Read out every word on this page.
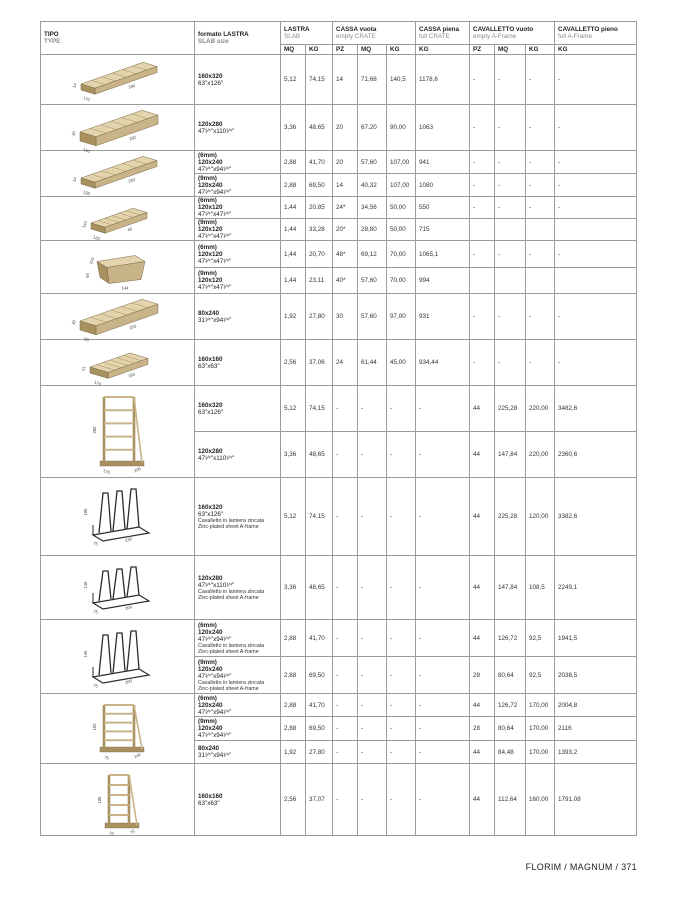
TIPO
TYPE	formato LASTRA
SLAB size	LASTRA
SLAB		CASSA vuota
empty CRATE			CASSA piena
full CRATE	CAVALLETTO vuoto
empty A-Frame			CAVALLETTO pieno
full A-Frame
		MQ	KG	PZ	MQ	KG	KG	PZ	MQ	KG	KG

14
170
340	160x320
63"x126"	5,12	74,15	14	71,68	140,5	1178,6	-	-	-	-

30
140
292	120x280
47¹⁄⁴"x110¹⁄⁴"	3,36	48,65	20	67,20	90,00	1063	-	-	-	-

14
126
253	(6mm)
120x240
47¹⁄⁴"x94¹⁄⁴"	2,88	41,70	20	57,60	107,00	941	-	-	-	-
	(9mm)
120x240
47¹⁄⁴"x94¹⁄⁴"	2,88	69,50	14	40,32	107,00	1080	-	-	-	-

144
120
40	(6mm)
120x120
47¹⁄⁴"x47¹⁄⁴"	1,44	20,85	24*	34,56	50,00	550	-	-	-	-
	(9mm)
120x120
47¹⁄⁴"x47¹⁄⁴"	1,44	33,28	20*	28,80	50,00	715				

123
65
144	(6mm)
120x120
47¹⁄⁴"x47¹⁄⁴"	1,44	20,70	48*	69,12	70,00	1065,1	-	-	-	-
	(9mm)
120x120
47¹⁄⁴"x47¹⁄⁴"	1,44	23,11	40*	57,60	70,00	994				

30
90
253	80x240
31¹⁄⁴"x94¹⁄⁴"	1,92	27,80	30	57,60	97,00	931	-	-	-	-

41
174
183	160x160
63"x63"	2,56	37,06	24	61,44	45,00	934,44	-	-	-	-

280
175 200	160x320
63"x126"	5,12	74,15	-	-	-	-	44	225,28	220,00	3482,6
	120x280
47¹⁄⁴"x110¹⁄⁴"	3,36	48,65	-	-	-	-	44	147,84	220,00	2360,6

185
75
230	160x320
63"x126"
Cavalletto in lamiera zincata
Zinc-plated sheet A-frame	5,12	74,15	-	-	-	-	44	225,28	120,00	3382,6

146
75
200	120x280
47¹⁄⁴"x110¹⁄⁴"
Cavalletto in lamiera zincata
Zinc-plated sheet A-frame	3,36	48,65	-	-	-	-	44	147,84	108,5	2249,1

146
75
200	(6mm)
120x240
47¹⁄⁴"x94¹⁄⁴"
Cavalletto in lamiera zincata
Zinc-plated sheet A-frame	2,88	41,70	-	-	-	-	44	126,72	92,5	1941,5
	(9mm)
120x240
47¹⁄⁴"x94¹⁄⁴"
Cavalletto in lamiera zincata
Zinc-plated sheet A-frame	2,88	69,50	-	-	-	-	28	80,64	92,5	2038,5

192
75 140	(6mm)
120x240
47¹⁄⁴"x94¹⁄⁴"	2,88	41,70	-	-	-	-	44	126,72	170,00	2004,8
	(9mm)
120x240
47¹⁄⁴"x94¹⁄⁴"	2,88	69,50	-	-	-	-	28	80,64	170,00	2116
	80x240
31¹⁄⁴"x94¹⁄⁴"	1,92	27,80	-	-	-	-	44	84,48	170,00	1393,2

185
75 75	160x160
63"x63"	2,56	37,07	-	-	-	-	44	112,64	160,00	1791,08
FLORIM / MAGNUM / 371
